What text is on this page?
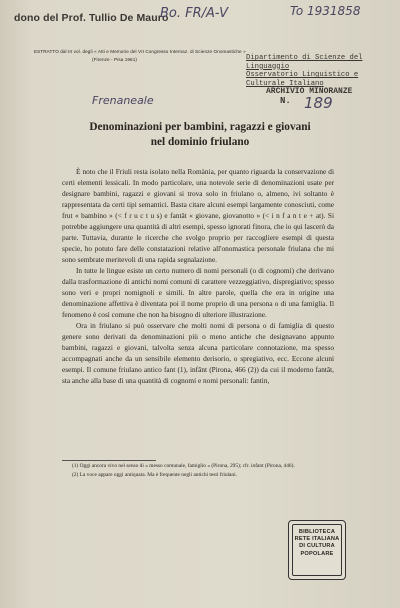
dono del Prof. Tullio De Mauro
Bo. FR/A-V	To 1931858
ESTRATTO dal III vol. degli « Atti e Memorie del VII Congresso Internaz. di Scienze Onomastiche »
(Firenze - Pisa 1961)	Dipartimento di Scienze del Linguaggio
Osservatorio Linguistico e Culturale Italiano
ARCHIVIO MINORANZE
N.
Frenaneale	189
Denominazioni per bambini, ragazzi e giovani
nel dominio friulano

È noto che il Friuli resta isolato nella Romània, per quanto riguarda la conservazione di certi elementi lessicali. In modo particolare, una notevole serie di denominazioni usate per designare bambini, ragazzi e giovani si trova solo in friulano o, almeno, ivi soltanto è rappresentata da certi tipi semantici. Basta citare alcuni esempi largamente conosciuti, come frut « bambino » (< f r u c t u s) e fantât « giovane, giovanotto » (< i n f a n t e + at). Si potrebbe aggiungere una quantità di altri esempi, spesso ignorati finora, che io qui lascerò da parte. Tuttavia, durante le ricerche che svolgo proprio per raccogliere esempi di questa specie, ho potuto fare delle constatazioni relative all'onomastica personale friulana che mi sono sembrate meritevoli di una rapida segnalazione.

In tutte le lingue esiste un certo numero di nomi personali (o di cognomi) che derivano dalla trasformazione di antichi nomi comuni di carattere vezzeggiativo, dispregiativo; spesso sono veri e propri nomignoli e simili. In altre parole, quella che era in origine una denominazione affettiva è diventata poi il nome proprio di una persona o di una famiglia. Il fenomeno è così comune che non ha bisogno di ulteriore illustrazione.

Ora in friulano si può osservare che molti nomi di persona o di famiglia di questo genere sono derivati da denominazioni più o meno antiche che designavano appunto bambini, ragazzi e giovani, talvolta senza alcuna particolare connotazione, ma spesso accompagnati anche da un sensibile elemento derisorio, o spregiativo, ecc. Eccone alcuni esempi. Il comune friulano antico fant (1), infânt (Pirona, 466 (2)) da cui il moderno fantât, sta anche alla base di una quantità di cognomi e nomi personali: fantin,

(1) Oggi ancora vivo nel senso di « messo comunale, famiglio » (Pirona, 295); cfr. infant (Pirona, 446).

(2) La voce appare oggi antiquata. Ma è frequente negli antichi testi friulani.

BIBLIOTECA
RETE ITALIANA
DI CULTURA
POPOLARE
